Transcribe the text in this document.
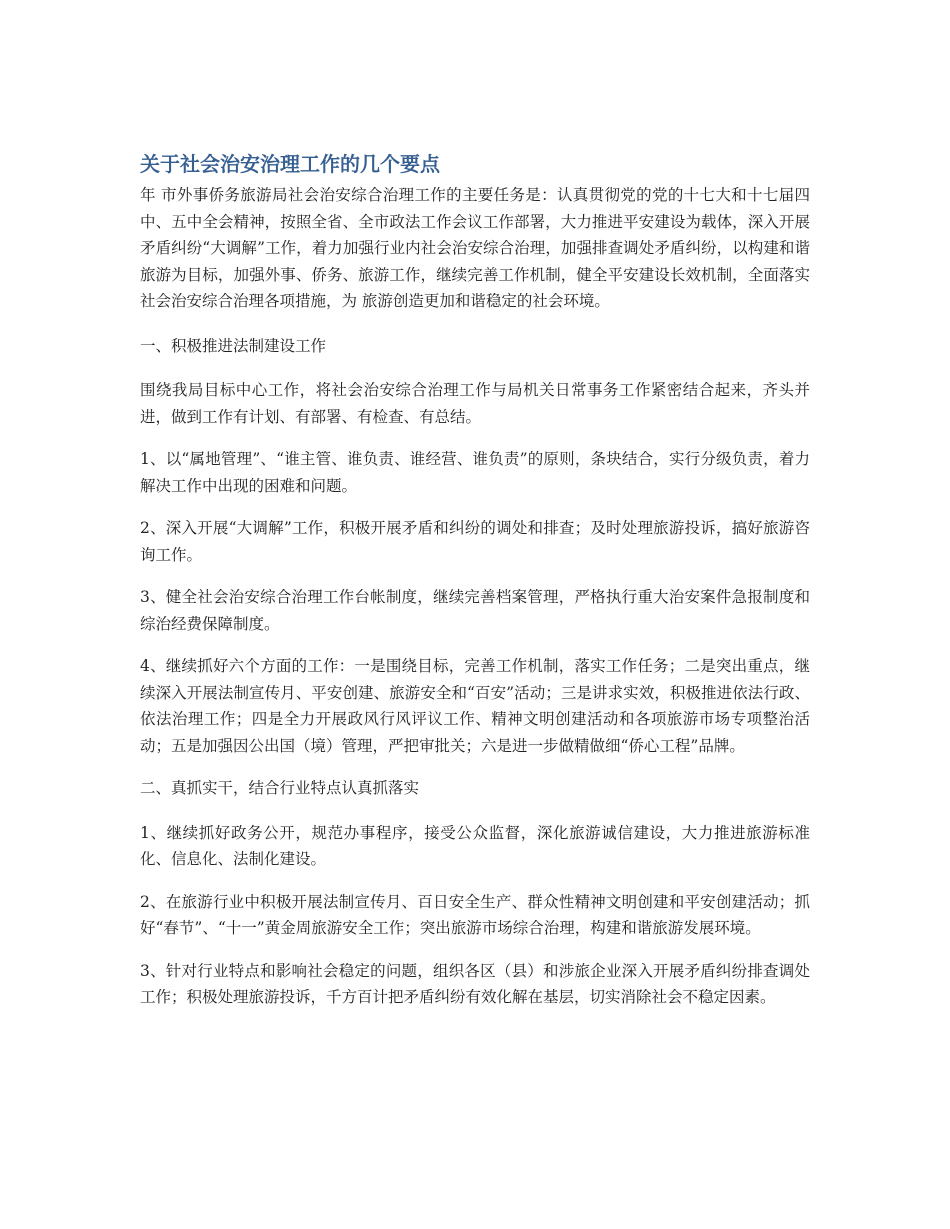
关于社会治安治理工作的几个要点

年 市外事侨务旅游局社会治安综合治理工作的主要任务是：认真贯彻党的党的十七大和十七届四中、五中全会精神，按照全省、全市政法工作会议工作部署，大力推进平安建设为载体，深入开展矛盾纠纷“大调解”工作，着力加强行业内社会治安综合治理，加强排查调处矛盾纠纷，以构建和谐旅游为目标，加强外事、侨务、旅游工作，继续完善工作机制，健全平安建设长效机制，全面落实社会治安综合治理各项措施，为 旅游创造更加和谐稳定的社会环境。

一、积极推进法制建设工作

围绕我局目标中心工作，将社会治安综合治理工作与局机关日常事务工作紧密结合起来，齐头并进，做到工作有计划、有部署、有检查、有总结。

1、以“属地管理”、“谁主管、谁负责、谁经营、谁负责”的原则，条块结合，实行分级负责，着力解决工作中出现的困难和问题。

2、深入开展“大调解”工作，积极开展矛盾和纠纷的调处和排查；及时处理旅游投诉，搞好旅游咨询工作。

3、健全社会治安综合治理工作台帐制度，继续完善档案管理，严格执行重大治安案件急报制度和综治经费保障制度。

4、继续抓好六个方面的工作：一是围绕目标，完善工作机制，落实工作任务；二是突出重点，继续深入开展法制宣传月、平安创建、旅游安全和“百安”活动；三是讲求实效，积极推进依法行政、依法治理工作；四是全力开展政风行风评议工作、精神文明创建活动和各项旅游市场专项整治活动；五是加强因公出国（境）管理，严把审批关；六是进一步做精做细“侨心工程”品牌。

二、真抓实干，结合行业特点认真抓落实

1、继续抓好政务公开，规范办事程序，接受公众监督，深化旅游诚信建设，大力推进旅游标准化、信息化、法制化建设。

2、在旅游行业中积极开展法制宣传月、百日安全生产、群众性精神文明创建和平安创建活动；抓好“春节”、“十一”黄金周旅游安全工作；突出旅游市场综合治理，构建和谐旅游发展环境。

3、针对行业特点和影响社会稳定的问题，组织各区（县）和涉旅企业深入开展矛盾纠纷排查调处工作；积极处理旅游投诉，千方百计把矛盾纠纷有效化解在基层，切实消除社会不稳定因素。
